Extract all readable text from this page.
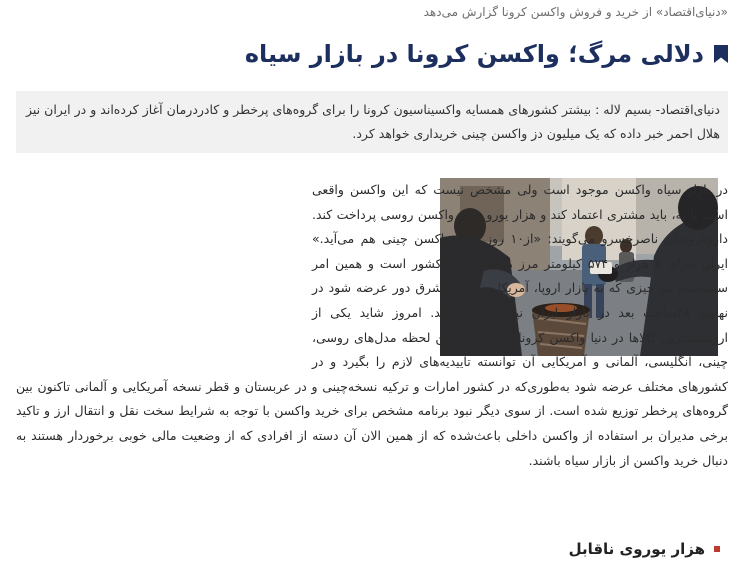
«دنیای‌اقتصاد» از خرید و فروش واکسن کرونا گزارش می‌دهد
دلالی مرگ؛ واکسن کرونا در بازار سیاه
دنیای‌اقتصاد- بسیم لاله : بیشتر کشورهای همسایه واکسیناسیون کرونا را برای گروه‌های پرخطر و کادردرمان آغاز کرده‌اند و در ایران نیز هلال احمر خبر داده که یک میلیون دز واکسن چینی خریداری خواهد کرد.
در بازار سیاه واکسن موجود است ولی مشخص نیست که این واکسن واقعی است یا نه، باید مشتری اعتماد کند و هزار یورو برای واکسن روسی پرداخت کند. دارو‌فروشان ناصرخسرو می‌گویند: «از۱۰ روز دیگر واکسن چینی هم می‌آید.» ایران دارای ۸ هزار و ۵۷۴ کیلومتر مرز مشترک با ۷ کشور است و همین امر سبب‌شده هر چیزی که به بازار اروپا، آمریکا و یا حتی شرق دور عرضه شود در نهایت ۴۸ساعت بعد در بازار ایران نیز موجود باشد. امروز شاید یکی از ارزشمندترین کالاها در دنیا واکسن کرونا است که تا این لحظه مدل‌های روسی، چینی، انگلیسی، آلمانی و آمریکایی آن توانسته تاییدیه‌های لازم را بگیرد و در کشورهای مختلف عرضه شود به‌طوری‌که در کشور امارات و ترکیه نسخه‌چینی و در عربستان و قطر نسخه آمریکایی و آلمانی تاکنون بین گروه‌های پرخطر توزیع شده است. از سوی دیگر نبود برنامه مشخص برای خرید واکسن با توجه به شرایط سخت نقل و انتقال ارز و تاکید برخی مدیران بر استفاده از واکسن داخلی باعث‌شده که از همین الان آن دسته از افرادی که از وضعیت مالی خوبی برخوردار هستند به دنبال خرید واکسن از بازار سیاه باشند.
هزار یوروی ناقابل
